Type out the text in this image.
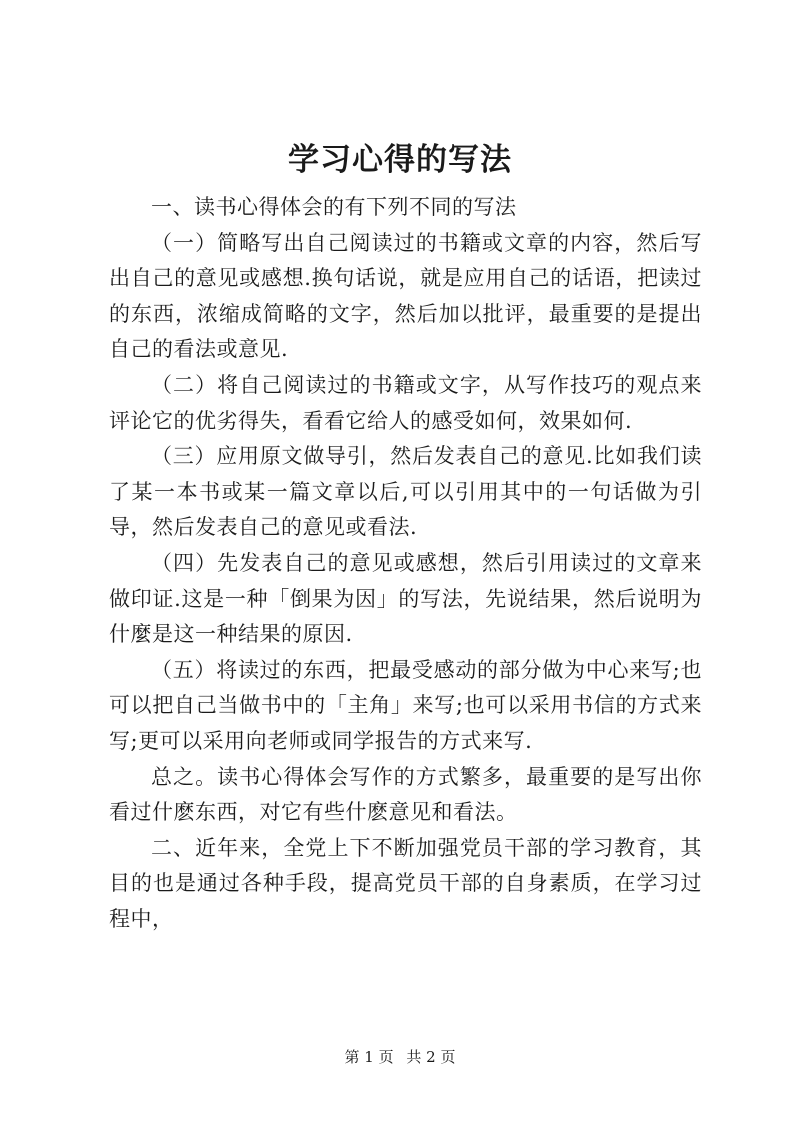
学习心得的写法

一、读书心得体会的有下列不同的写法

（一）简略写出自己阅读过的书籍或文章的内容，然后写出自己的意见或感想.换句话说，就是应用自己的话语，把读过的东西，浓缩成简略的文字，然后加以批评，最重要的是提出自己的看法或意见.

（二）将自己阅读过的书籍或文字，从写作技巧的观点来评论它的优劣得失，看看它给人的感受如何，效果如何.

（三）应用原文做导引，然后发表自己的意见.比如我们读了某一本书或某一篇文章以后,可以引用其中的一句话做为引导，然后发表自己的意见或看法.

（四）先发表自己的意见或感想，然后引用读过的文章来做印证.这是一种「倒果为因」的写法，先说结果，然后说明为什麼是这一种结果的原因.

（五）将读过的东西，把最受感动的部分做为中心来写;也可以把自己当做书中的「主角」来写;也可以采用书信的方式来写;更可以采用向老师或同学报告的方式来写.

总之。读书心得体会写作的方式繁多，最重要的是写出你看过什麽东西，对它有些什麽意见和看法。

二、近年来，全党上下不断加强党员干部的学习教育，其目的也是通过各种手段，提高党员干部的自身素质，在学习过程中，

第 1 页 共 2 页
